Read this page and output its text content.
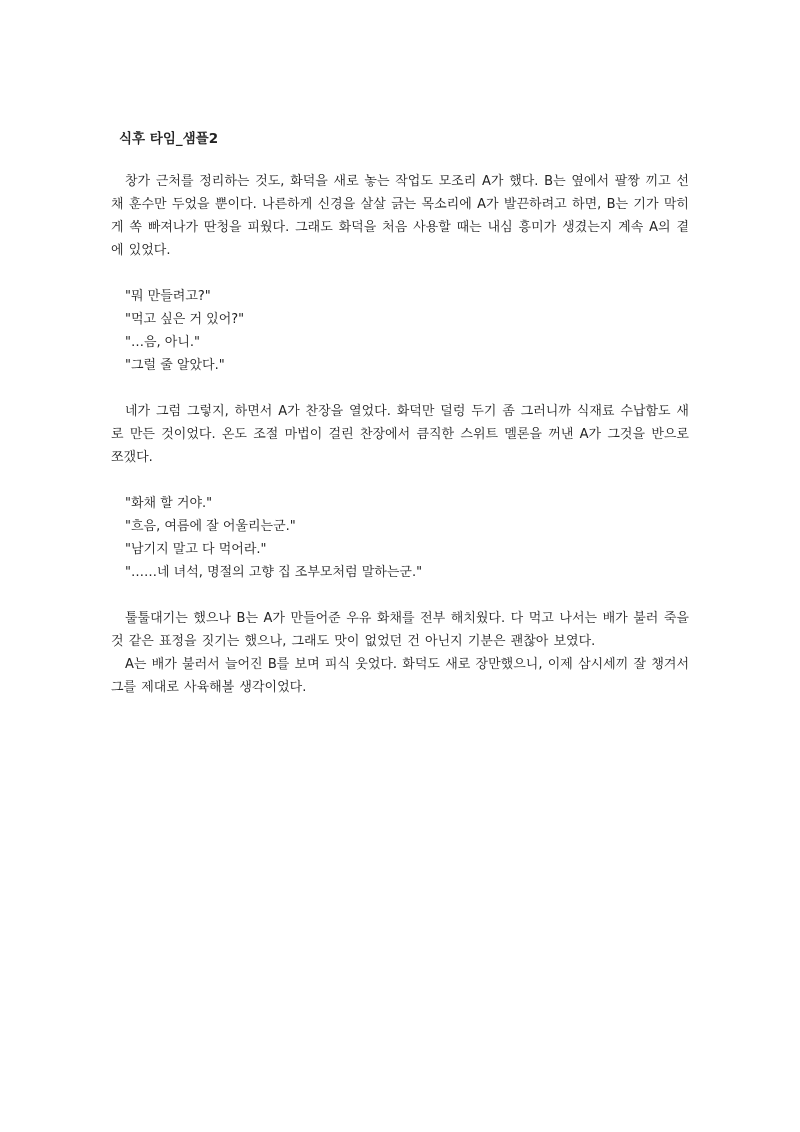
식후 타임_샘플2

창가 근처를 정리하는 것도, 화덕을 새로 놓는 작업도 모조리 A가 했다. B는 옆에서 팔짱 끼고 선 채 훈수만 두었을 뿐이다. 나른하게 신경을 살살 긁는 목소리에 A가 발끈하려고 하면, B는 기가 막히게 쏙 빠져나가 딴청을 피웠다. 그래도 화덕을 처음 사용할 때는 내심 흥미가 생겼는지 계속 A의 곁에 있었다.

"뭐 만들려고?"

"먹고 싶은 거 있어?"

"…음, 아니."

"그럴 줄 알았다."

네가 그럼 그렇지, 하면서 A가 찬장을 열었다. 화덕만 덜렁 두기 좀 그러니까 식재료 수납함도 새로 만든 것이었다. 온도 조절 마법이 걸린 찬장에서 큼직한 스위트 멜론을 꺼낸 A가 그것을 반으로 쪼갰다.

"화채 할 거야."

"흐음, 여름에 잘 어울리는군."

"남기지 말고 다 먹어라."

"……네 녀석, 명절의 고향 집 조부모처럼 말하는군."

툴툴대기는 했으나 B는 A가 만들어준 우유 화채를 전부 해치웠다. 다 먹고 나서는 배가 불러 죽을 것 같은 표정을 짓기는 했으나, 그래도 맛이 없었던 건 아닌지 기분은 괜찮아 보였다.

A는 배가 불러서 늘어진 B를 보며 피식 웃었다. 화덕도 새로 장만했으니, 이제 삼시세끼 잘 챙겨서 그를 제대로 사육해볼 생각이었다.
